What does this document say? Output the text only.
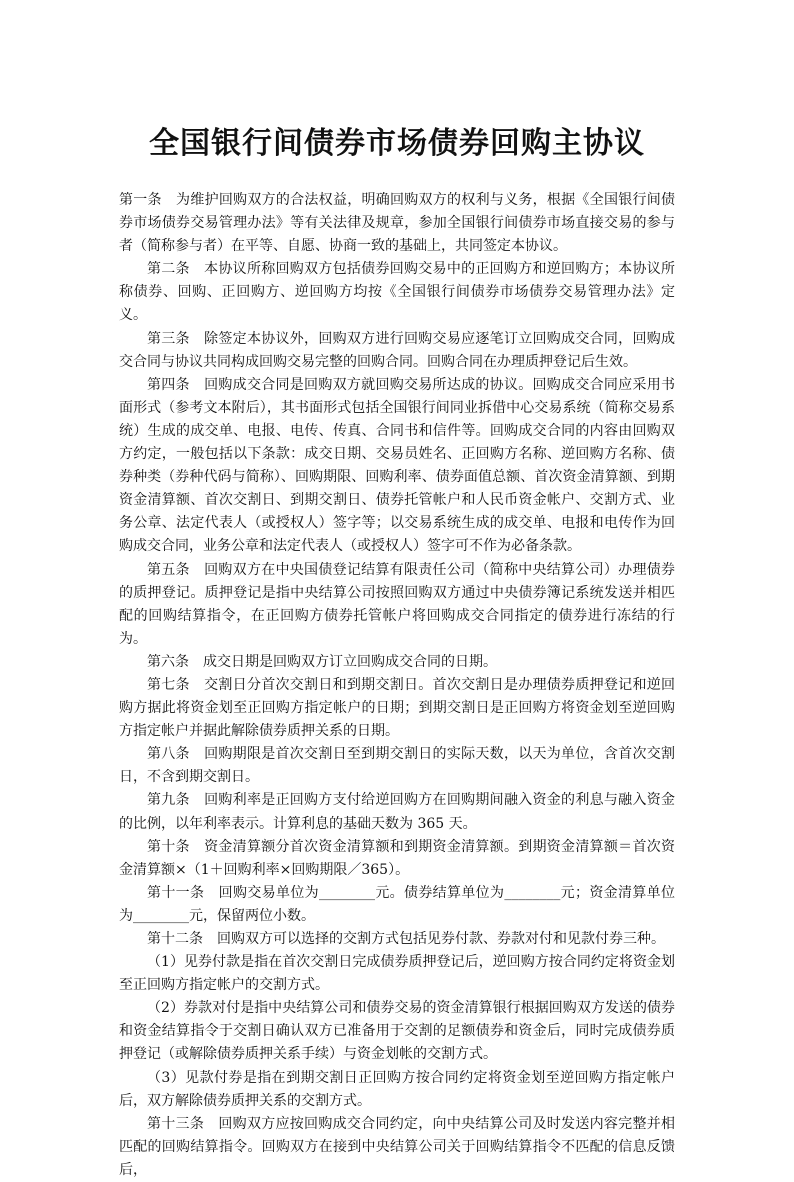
全国银行间债券市场债券回购主协议

第一条　为维护回购双方的合法权益，明确回购双方的权利与义务，根据《全国银行间债券市场债券交易管理办法》等有关法律及规章，参加全国银行间债券市场直接交易的参与者（简称参与者）在平等、自愿、协商一致的基础上，共同签定本协议。

第二条　本协议所称回购双方包括债券回购交易中的正回购方和逆回购方；本协议所称债券、回购、正回购方、逆回购方均按《全国银行间债券市场债券交易管理办法》定义。

第三条　除签定本协议外，回购双方进行回购交易应逐笔订立回购成交合同，回购成交合同与协议共同构成回购交易完整的回购合同。回购合同在办理质押登记后生效。

第四条　回购成交合同是回购双方就回购交易所达成的协议。回购成交合同应采用书面形式（参考文本附后），其书面形式包括全国银行间同业拆借中心交易系统（简称交易系统）生成的成交单、电报、电传、传真、合同书和信件等。回购成交合同的内容由回购双方约定，一般包括以下条款：成交日期、交易员姓名、正回购方名称、逆回购方名称、债券种类（券种代码与简称）、回购期限、回购利率、债券面值总额、首次资金清算额、到期资金清算额、首次交割日、到期交割日、债券托管帐户和人民币资金帐户、交割方式、业务公章、法定代表人（或授权人）签字等；以交易系统生成的成交单、电报和电传作为回购成交合同，业务公章和法定代表人（或授权人）签字可不作为必备条款。

第五条　回购双方在中央国债登记结算有限责任公司（简称中央结算公司）办理债券的质押登记。质押登记是指中央结算公司按照回购双方通过中央债券簿记系统发送并相匹配的回购结算指令，在正回购方债券托管帐户将回购成交合同指定的债券进行冻结的行为。

第六条　成交日期是回购双方订立回购成交合同的日期。

第七条　交割日分首次交割日和到期交割日。首次交割日是办理债券质押登记和逆回购方据此将资金划至正回购方指定帐户的日期；到期交割日是正回购方将资金划至逆回购方指定帐户并据此解除债券质押关系的日期。

第八条　回购期限是首次交割日至到期交割日的实际天数，以天为单位，含首次交割日，不含到期交割日。

第九条　回购利率是正回购方支付给逆回购方在回购期间融入资金的利息与融入资金的比例，以年利率表示。计算利息的基础天数为 365 天。

第十条　资金清算额分首次资金清算额和到期资金清算额。到期资金清算额＝首次资金清算额×（1＋回购利率×回购期限／365）。

第十一条　回购交易单位为________元。债券结算单位为________元；资金清算单位为________元，保留两位小数。

第十二条　回购双方可以选择的交割方式包括见券付款、券款对付和见款付券三种。

（1）见券付款是指在首次交割日完成债券质押登记后，逆回购方按合同约定将资金划至正回购方指定帐户的交割方式。

（2）券款对付是指中央结算公司和债券交易的资金清算银行根据回购双方发送的债券和资金结算指令于交割日确认双方已准备用于交割的足额债券和资金后，同时完成债券质押登记（或解除债券质押关系手续）与资金划帐的交割方式。

（3）见款付券是指在到期交割日正回购方按合同约定将资金划至逆回购方指定帐户后，双方解除债券质押关系的交割方式。

第十三条　回购双方应按回购成交合同约定，向中央结算公司及时发送内容完整并相匹配的回购结算指令。回购双方在接到中央结算公司关于回购结算指令不匹配的信息反馈后，
